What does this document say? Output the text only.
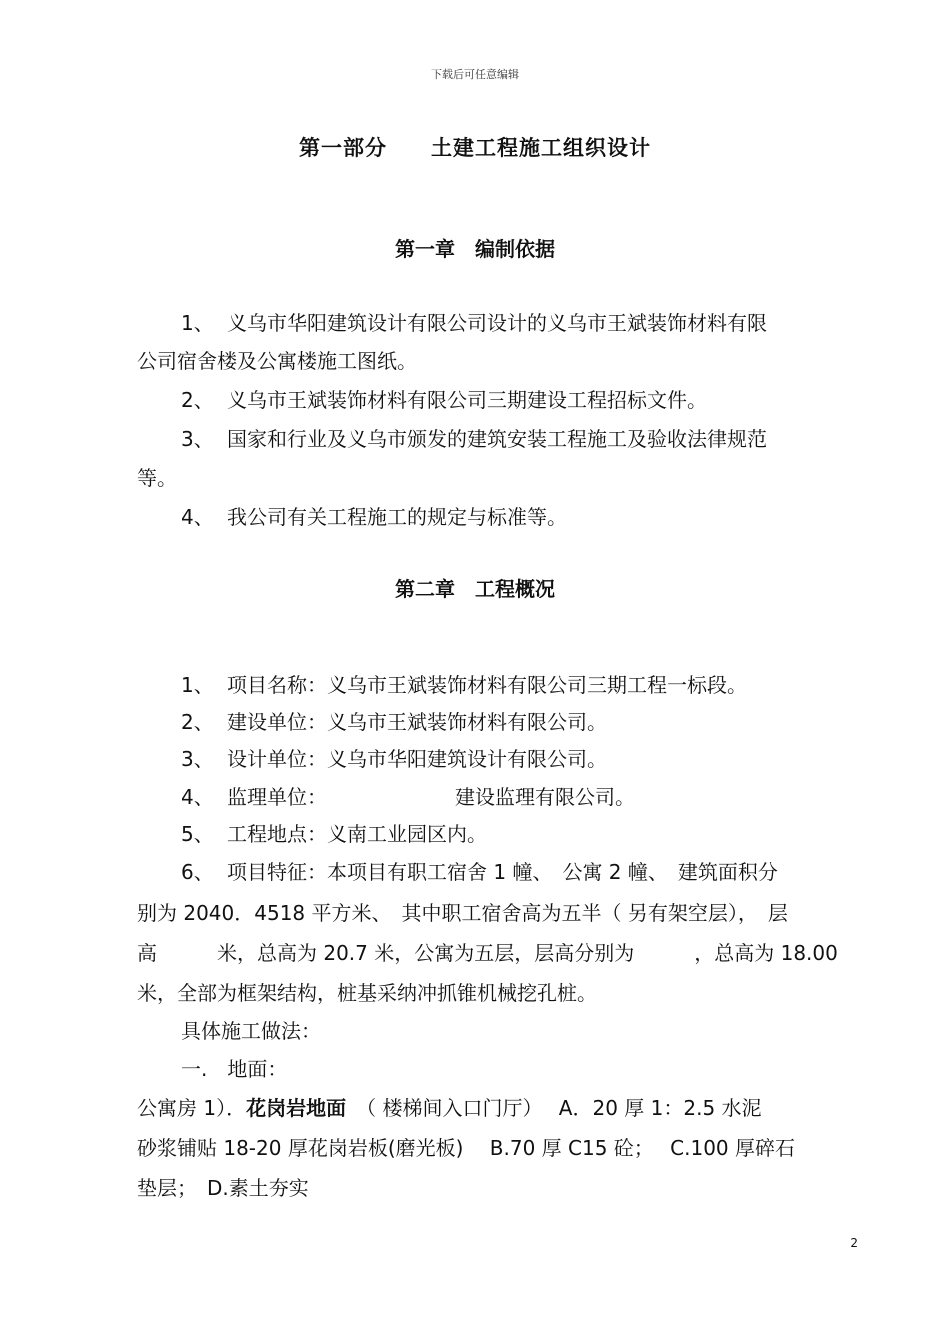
下载后可任意编辑
第一部分　　土建工程施工组织设计
第一章　编制依据
1、 义乌市华阳建筑设计有限公司设计的义乌市王斌装饰材料有限
公司宿舍楼及公寓楼施工图纸。
2、 义乌市王斌装饰材料有限公司三期建设工程招标文件。
3、 国家和行业及义乌市颁发的建筑安装工程施工及验收法律规范
等。
4、 我公司有关工程施工的规定与标准等。
第二章　工程概况
1、 项目名称：义乌市王斌装饰材料有限公司三期工程一标段。
2、 建设单位：义乌市王斌装饰材料有限公司。
3、 设计单位：义乌市华阳建筑设计有限公司。
4、 监理单位：	建设监理有限公司。
5、 工程地点：义南工业园区内。
6、 项目特征：本项目有职工宿舍 1 幢、　公寓 2 幢、　建筑面积分
别为 2040．4518 平方米、　其中职工宿舍高为五半（ 另有架空层），　层
高　　　米，总高为 20.7 米，公寓为五层，层高分别为　　　，总高为 18.00
米，全部为框架结构，桩基采纳冲抓锥机械挖孔桩。
具体施工做法：
一.　地面：
公寓房 1）．花岗岩地面　（ 楼梯间入口门厅）　 A．20 厚 1：2.5 水泥
砂浆铺贴 18-20 厚花岗岩板(磨光板)　 B.70 厚 C15 砼；　 C.100 厚碎石
垫层；　D.素土夯实
2
